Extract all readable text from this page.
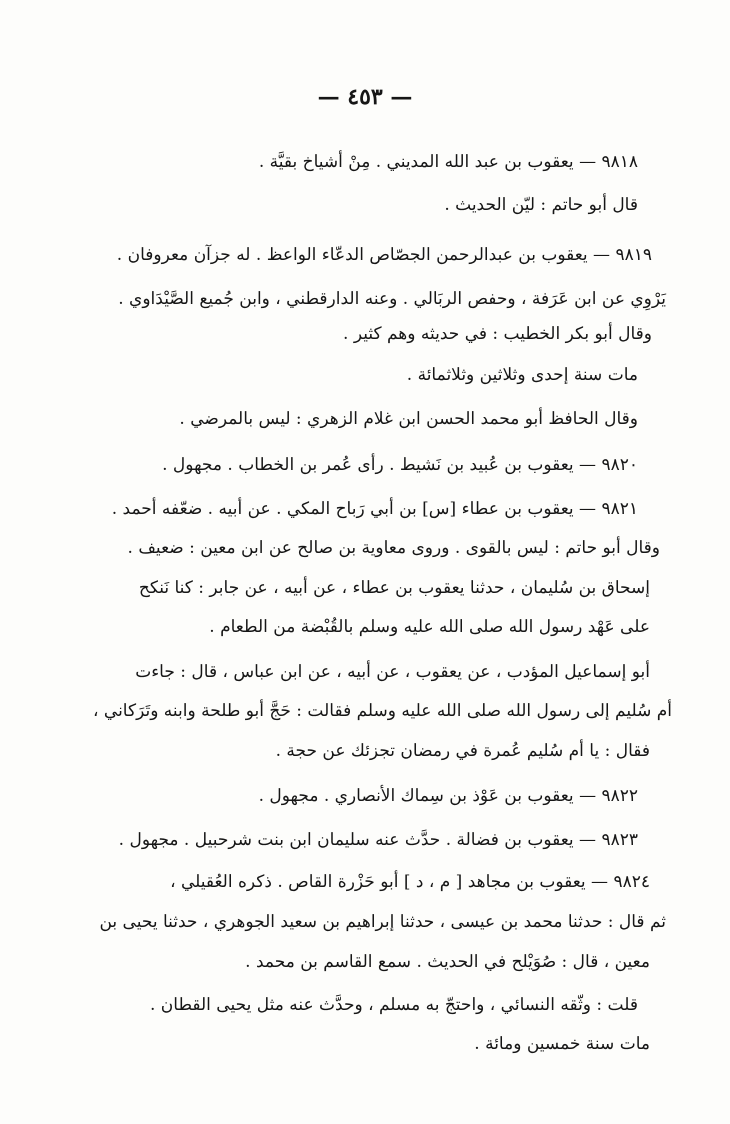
— ٤٥٣ —
٩٨١٨ — يعقوب بن عبد الله المديني . مِنْ أشياخ بقيَّة .
قال أبو حاتم : ليّن الحديث .
٩٨١٩ — يعقوب بن عبدالرحمن الجصّاص الدعّاء الواعظ . له جزآن معروفان .
يَرْوِي عن ابن عَرَفة ، وحفص الربَالي . وعنه الدارقطني ، وابن جُميع الصَّيْدَاوي .
وقال أبو بكر الخطيب : في حديثه وهم كثير .
مات سنة إحدى وثلاثين وثلاثمائة .
وقال الحافظ أبو محمد الحسن ابن غلام الزهري : ليس بالمرضي .
٩٨٢٠ — يعقوب بن عُبيد بن نَشيط . رأى عُمر بن الخطاب . مجهول .
٩٨٢١ — يعقوب بن عطاء [س] بن أبي رَباح المكي . عن أبيه . ضعّفه أحمد .
وقال أبو حاتم : ليس بالقوى . وروى معاوية بن صالح عن ابن معين : ضعيف .
إسحاق بن سُليمان ، حدثنا يعقوب بن عطاء ، عن أبيه ، عن جابر : كنا نَنكح
على عَهْد رسول الله صلى الله عليه وسلم بالقُبْضة من الطعام .
أبو إسماعيل المؤدب ، عن يعقوب ، عن أبيه ، عن ابن عباس ، قال : جاءت
أم سُليم إلى رسول الله صلى الله عليه وسلم فقالت : حَجَّ أبو طلحة وابنه وتَرَكاني ،
فقال : يا أم سُليم عُمرة في رمضان تجزئك عن حجة .
٩٨٢٢ — يعقوب بن عَوْذ بن سِماك الأنصاري . مجهول .
٩٨٢٣ — يعقوب بن فضالة . حدَّث عنه سليمان ابن بنت شرحبيل . مجهول .
٩٨٢٤ — يعقوب بن مجاهد [ م ، د ] أبو حَزْرة القاص . ذكره العُقيلي ،
ثم قال : حدثنا محمد بن عيسى ، حدثنا إبراهيم بن سعيد الجوهري ، حدثنا يحيى بن
معين ، قال : صُوَيْلح في الحديث . سمع القاسم بن محمد .
قلت : وثّقه النسائي ، واحتجّ به مسلم ، وحدَّث عنه مثل يحيى القطان .
مات سنة خمسين ومائة .
